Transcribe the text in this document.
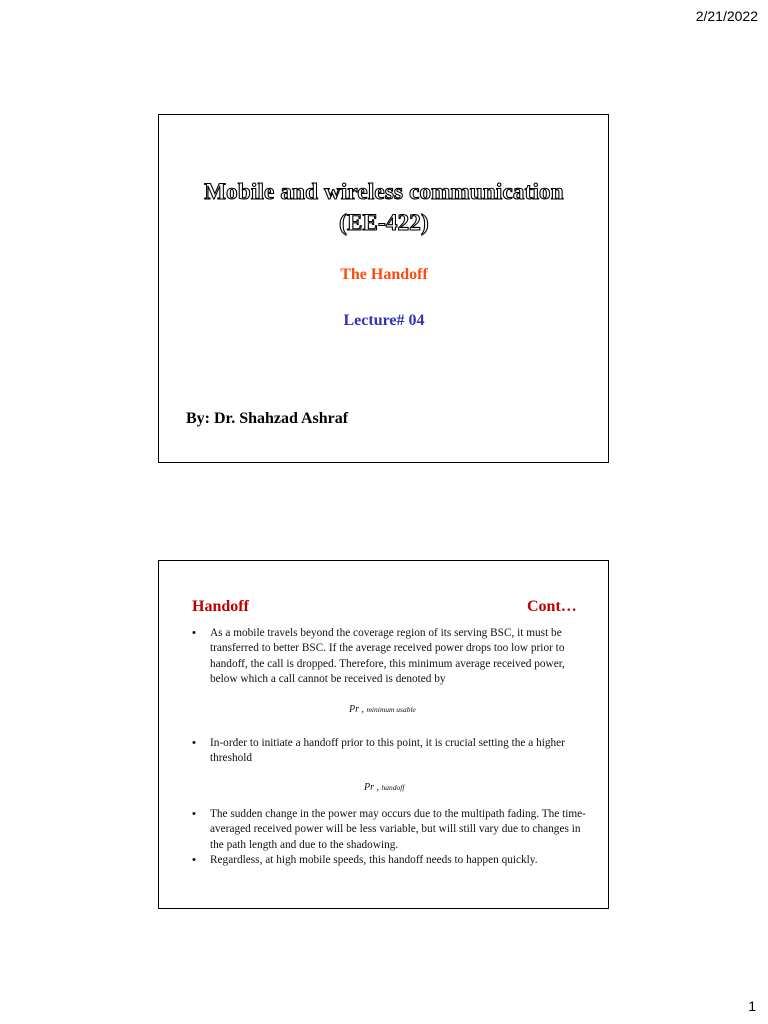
2/21/2022
Mobile and wireless communication
(EE-422)
The Handoff
Lecture# 04
By: Dr. Shahzad Ashraf
Handoff	Cont…
• As a mobile travels beyond the coverage region of its serving BSC, it must be transferred to better BSC. If the average received power drops too low prior to handoff, the call is dropped. Therefore, this minimum average received power, below which a call cannot be received is denoted by
Pr , minimum usable
• In-order to initiate a handoff prior to this point, it is crucial setting the a higher threshold
Pr , handoff
• The sudden change in the power may occurs due to the multipath fading. The time-averaged received power will be less variable, but will still vary due to changes in the path length and due to the shadowing.
• Regardless, at high mobile speeds, this handoff needs to happen quickly.
1
